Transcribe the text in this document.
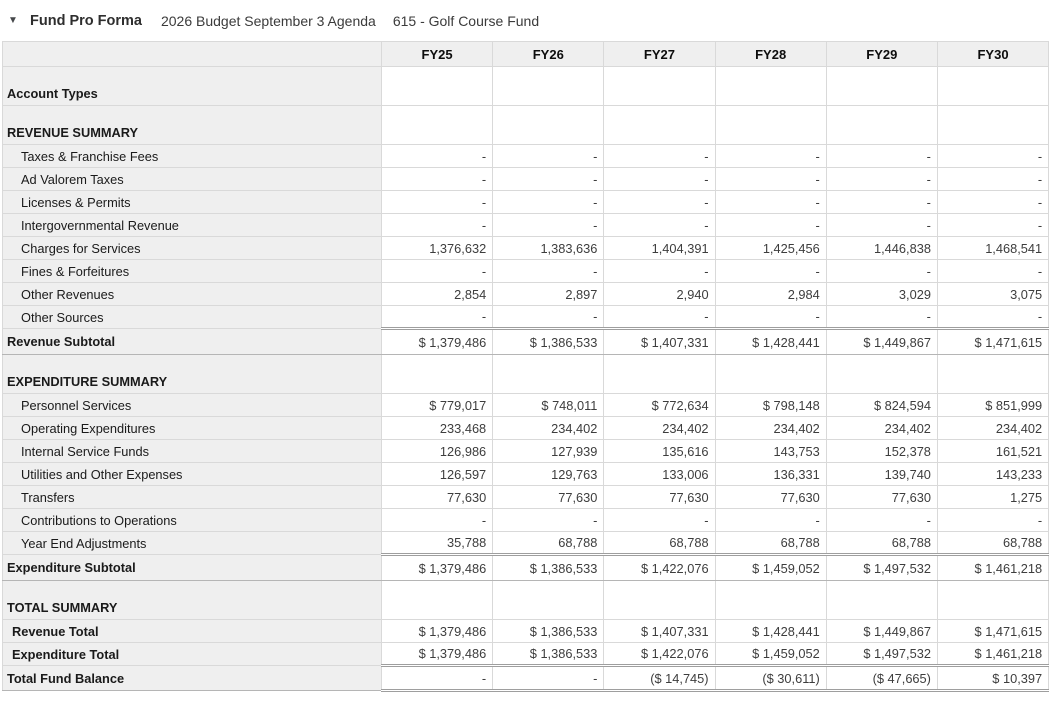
▼ Fund Pro Forma 2026 Budget September 3 Agenda 615 - Golf Course Fund
	FY25	FY26	FY27	FY28	FY29	FY30
Account Types						
REVENUE SUMMARY						
Taxes & Franchise Fees	-	-	-	-	-	-
Ad Valorem Taxes	-	-	-	-	-	-
Licenses & Permits	-	-	-	-	-	-
Intergovernmental Revenue	-	-	-	-	-	-
Charges for Services	1,376,632	1,383,636	1,404,391	1,425,456	1,446,838	1,468,541
Fines & Forfeitures	-	-	-	-	-	-
Other Revenues	2,854	2,897	2,940	2,984	3,029	3,075
Other Sources	-	-	-	-	-	-
Revenue Subtotal	$ 1,379,486	$ 1,386,533	$ 1,407,331	$ 1,428,441	$ 1,449,867	$ 1,471,615
EXPENDITURE SUMMARY						
Personnel Services	$ 779,017	$ 748,011	$ 772,634	$ 798,148	$ 824,594	$ 851,999
Operating Expenditures	233,468	234,402	234,402	234,402	234,402	234,402
Internal Service Funds	126,986	127,939	135,616	143,753	152,378	161,521
Utilities and Other Expenses	126,597	129,763	133,006	136,331	139,740	143,233
Transfers	77,630	77,630	77,630	77,630	77,630	1,275
Contributions to Operations	-	-	-	-	-	-
Year End Adjustments	35,788	68,788	68,788	68,788	68,788	68,788
Expenditure Subtotal	$ 1,379,486	$ 1,386,533	$ 1,422,076	$ 1,459,052	$ 1,497,532	$ 1,461,218
TOTAL SUMMARY						
Revenue Total	$ 1,379,486	$ 1,386,533	$ 1,407,331	$ 1,428,441	$ 1,449,867	$ 1,471,615
Expenditure Total	$ 1,379,486	$ 1,386,533	$ 1,422,076	$ 1,459,052	$ 1,497,532	$ 1,461,218
Total Fund Balance	-	-	($ 14,745)	($ 30,611)	($ 47,665)	$ 10,397
